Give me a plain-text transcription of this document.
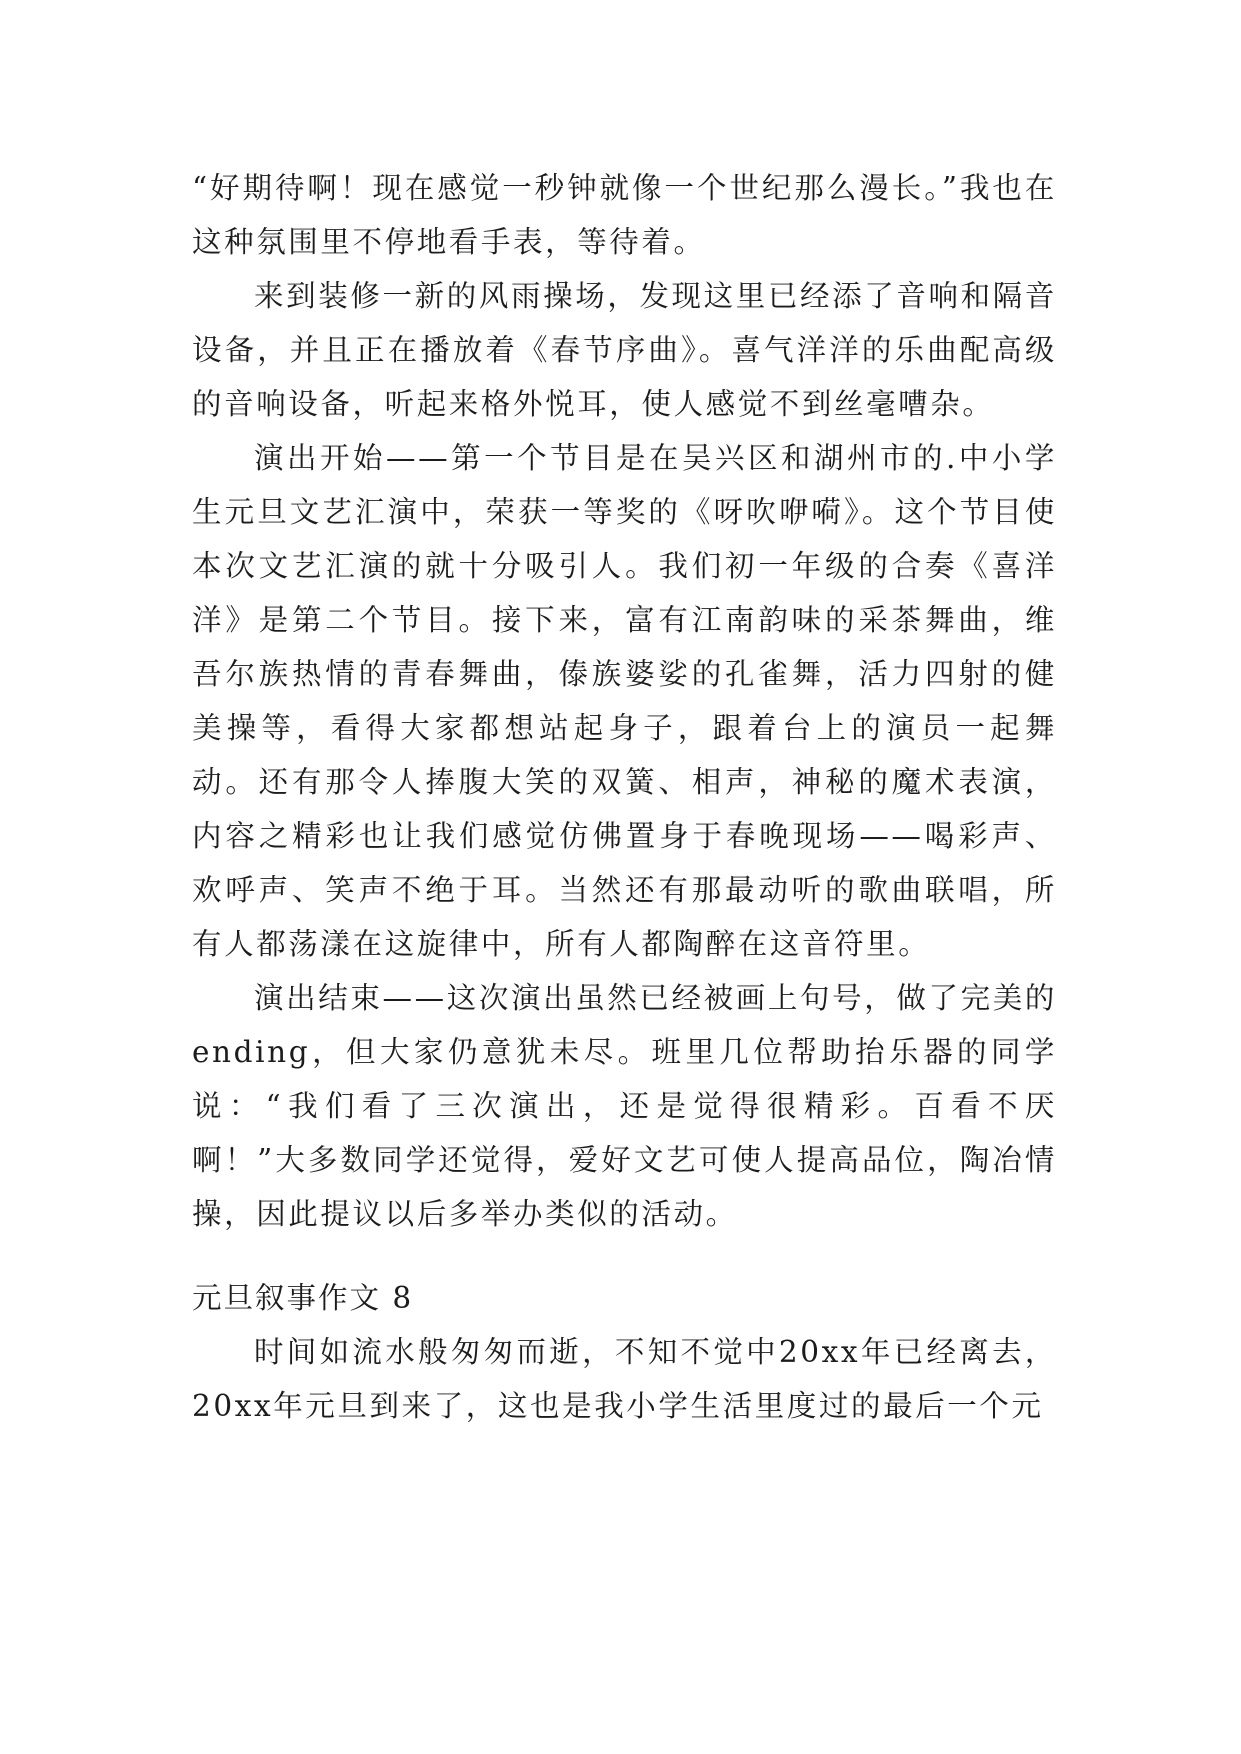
“好期待啊！现在感觉一秒钟就像一个世纪那么漫长。”我也在这种氛围里不停地看手表，等待着。

来到装修一新的风雨操场，发现这里已经添了音响和隔音设备，并且正在播放着《春节序曲》。喜气洋洋的乐曲配高级的音响设备，听起来格外悦耳，使人感觉不到丝毫嘈杂。

演出开始——第一个节目是在吴兴区和湖州市的.中小学生元旦文艺汇演中，荣获一等奖的《呀吹咿嗬》。这个节目使本次文艺汇演的就十分吸引人。我们初一年级的合奏《喜洋洋》是第二个节目。接下来，富有江南韵味的采茶舞曲，维吾尔族热情的青春舞曲，傣族婆娑的孔雀舞，活力四射的健美操等，看得大家都想站起身子，跟着台上的演员一起舞动。还有那令人捧腹大笑的双簧、相声，神秘的魔术表演，内容之精彩也让我们感觉仿佛置身于春晚现场——喝彩声、欢呼声、笑声不绝于耳。当然还有那最动听的歌曲联唱，所有人都荡漾在这旋律中，所有人都陶醉在这音符里。

演出结束——这次演出虽然已经被画上句号，做了完美的ending，但大家仍意犹未尽。班里几位帮助抬乐器的同学说：“我们看了三次演出，还是觉得很精彩。百看不厌啊！”大多数同学还觉得，爱好文艺可使人提高品位，陶冶情操，因此提议以后多举办类似的活动。

元旦叙事作文 8

时间如流水般匆匆而逝，不知不觉中20xx年已经离去，20xx年元旦到来了，这也是我小学生活里度过的最后一个元
